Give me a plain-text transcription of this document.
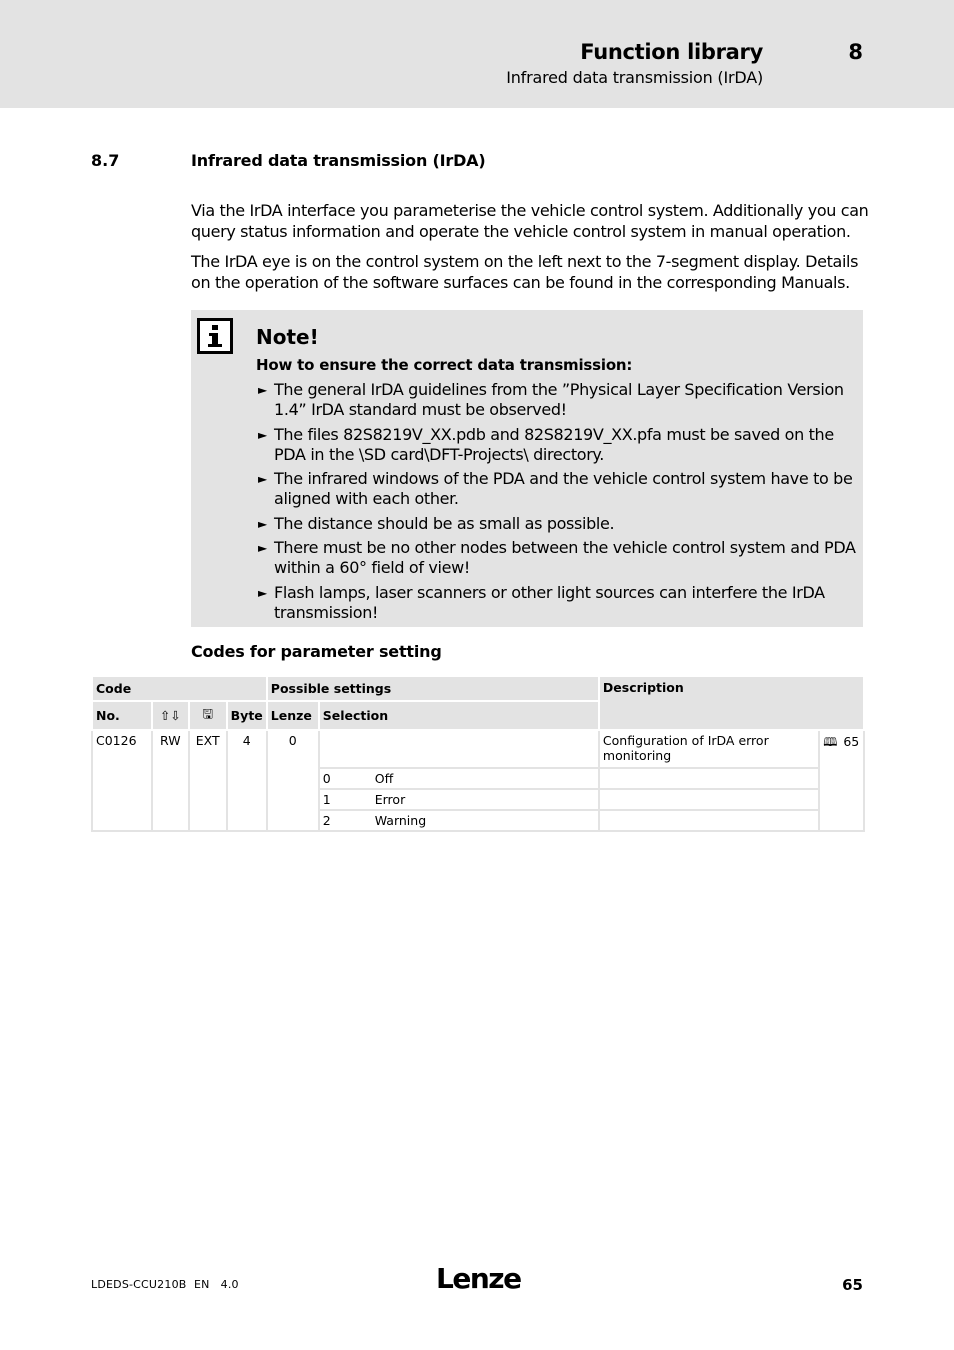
Function library	8
Infrared data transmission (IrDA)
8.7	Infrared data transmission (IrDA)
Via the IrDA interface you parameterise the vehicle control system. Additionally you can query status information and operate the vehicle control system in manual operation.
The IrDA eye is on the control system on the left next to the 7-segment display. Details on the operation of the software surfaces can be found in the corresponding Manuals.
Note!
How to ensure the correct data transmission:
► The general IrDA guidelines from the ”Physical Layer Specification Version 1.4” IrDA standard must be observed!
► The files 82S8219V_XX.pdb and 82S8219V_XX.pfa must be saved on the PDA in the \SD card\DFT-Projects\ directory.
► The infrared windows of the PDA and the vehicle control system have to be aligned with each other.
► The distance should be as small as possible.
► There must be no other nodes between the vehicle control system and PDA within a 60° field of view!
► Flash lamps, laser scanners or other light sources can interfere the IrDA transmission!
Codes for parameter setting
Code				Possible settings		Description	
No.	⇧⇩	🖫	Byte	Lenze	Selection		
C0126	RW	EXT	4	0		Configuration of IrDA error monitoring	🕮 65
					0 Off		
					1 Error		
					2 Warning		
LDEDS-CCU210B EN 4.0	Lenze	65
